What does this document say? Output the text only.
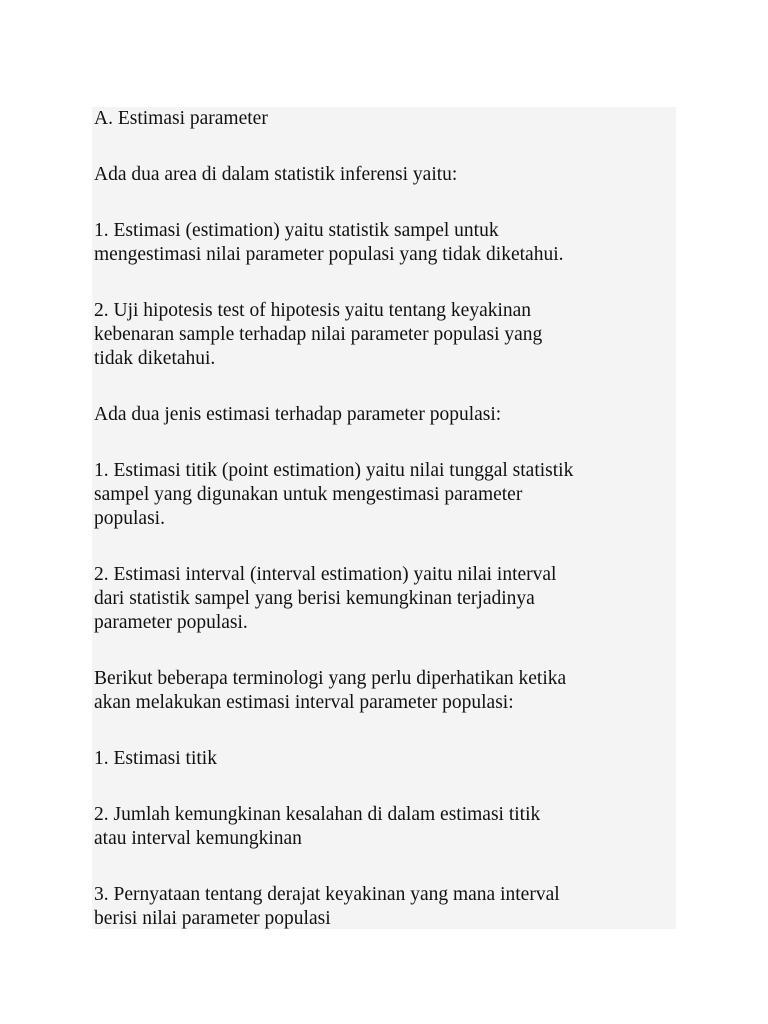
A. Estimasi parameter

Ada dua area di dalam statistik inferensi yaitu:

1. Estimasi (estimation) yaitu statistik sampel untuk
mengestimasi nilai parameter populasi yang tidak diketahui.

2. Uji hipotesis test of hipotesis yaitu tentang keyakinan
kebenaran sample terhadap nilai parameter populasi yang
tidak diketahui.

Ada dua jenis estimasi terhadap parameter populasi:

1. Estimasi titik (point estimation) yaitu nilai tunggal statistik
sampel yang digunakan untuk mengestimasi parameter
populasi.

2. Estimasi interval (interval estimation) yaitu nilai interval
dari statistik sampel yang berisi kemungkinan terjadinya
parameter populasi.

Berikut beberapa terminologi yang perlu diperhatikan ketika
akan melakukan estimasi interval parameter populasi:

1. Estimasi titik

2. Jumlah kemungkinan kesalahan di dalam estimasi titik
atau interval kemungkinan

3. Pernyataan tentang derajat keyakinan yang mana interval
berisi nilai parameter populasi
